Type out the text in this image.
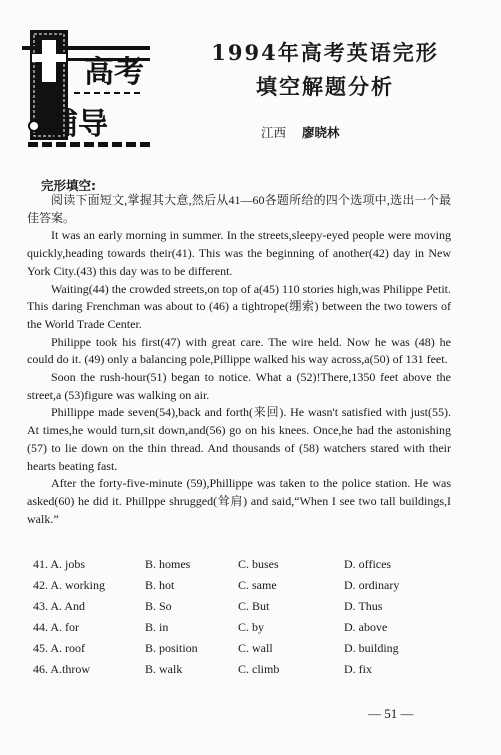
高考
辅导
1994年高考英语完形
填空解题分析
江西 廖晓林
完形填空:

阅读下面短文,掌握其大意,然后从41—60各题所给的四个选项中,选出一个最佳答案。

It was an early morning in summer. In the streets,sleepy-eyed people were moving quickly,heading towards their(41). This was the beginning of another(42) day in New York City.(43) this day was to be different.

Waiting(44) the crowded streets,on top of a(45) 110 stories high,was Philippe Petit. This daring Frenchman was about to (46) a tightrope(绷索) between the two towers of the World Trade Center.

Philippe took his first(47) with great care. The wire held. Now he was (48) he could do it. (49) only a balancing pole,Pillippe walked his way across,a(50) of 131 feet.

Soon the rush-hour(51) began to notice. What a (52)!There,1350 feet above the street,a (53)figure was walking on air.

Phillippe made seven(54),back and forth(来回). He wasn't satisfied with just(55). At times,he would turn,sit down,and(56) go on his knees. Once,he had the astonishing (57) to lie down on the thin thread. And thousands of (58) watchers stared with their hearts beating fast.

After the forty-five-minute (59),Phillippe was taken to the police station. He was asked(60) he did it. Phillppe shrugged(耸肩) and said,“When I see two tall buildings,I walk.”

41. A. jobs	B. homes	C. buses	D. offices
42. A. working	B. hot	C. same	D. ordinary
43. A. And	B. So	C. But	D. Thus
44. A. for	B. in	C. by	D. above
45. A. roof	B. position	C. wall	D. building
46. A.throw	B. walk	C. climb	D. fix
— 51 —
